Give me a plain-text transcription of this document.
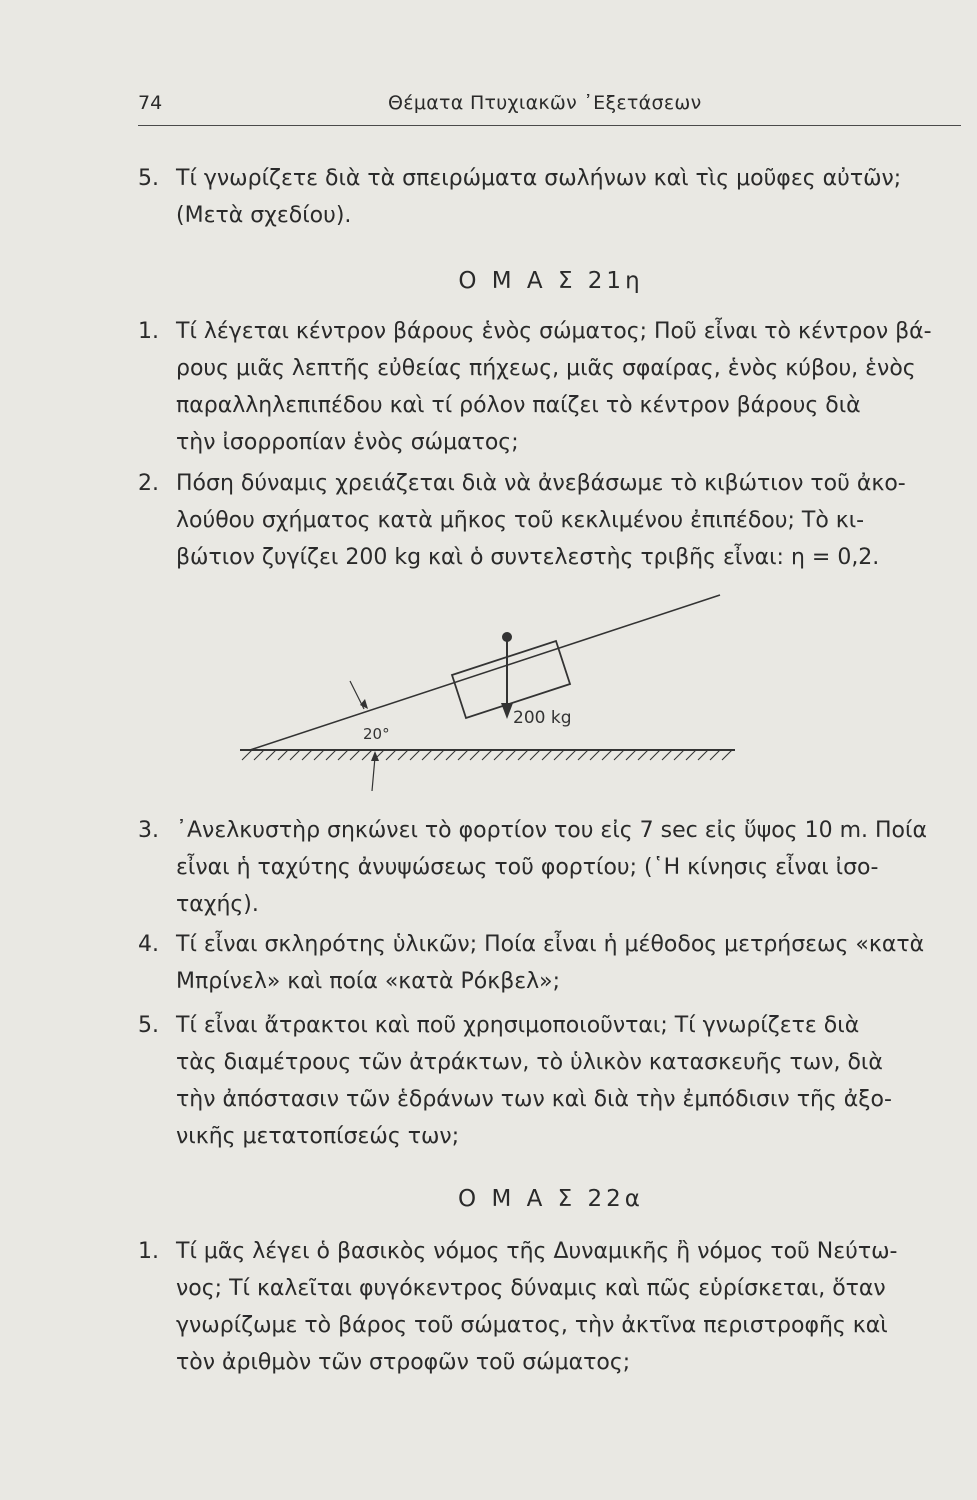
74	Θέματα Πτυχιακῶν ᾿Εξετάσεων
5. Τί γνωρίζετε διὰ τὰ σπειρώματα σωλήνων καὶ τὶς μοῦφες αὐτῶν;
(Μετὰ σχεδίου).
Ο Μ Α Σ 21η
1. Τί λέγεται κέντρον βάρους ἑνὸς σώματος; Ποῦ εἶναι τὸ κέντρον βά-
ρους μιᾶς λεπτῆς εὐθείας πήχεως, μιᾶς σφαίρας, ἑνὸς κύβου, ἑνὸς
παραλληλεπιπέδου καὶ τί ρόλον παίζει τὸ κέντρον βάρους διὰ
τὴν ἰσορροπίαν ἑνὸς σώματος;
2. Πόση δύναμις χρειάζεται διὰ νὰ ἀνεβάσωμε τὸ κιβώτιον τοῦ ἀκο-
λούθου σχήματος κατὰ μῆκος τοῦ κεκλιμένου ἐπιπέδου; Τὸ κι-
βώτιον ζυγίζει 200 kg καὶ ὁ συντελεστὴς τριβῆς εἶναι: η = 0,2.
200 kg
20°
3. ᾿Ανελκυστὴρ σηκώνει τὸ φορτίον του εἰς 7 sec εἰς ὕψος 10 m. Ποία
εἶναι ἡ ταχύτης ἀνυψώσεως τοῦ φορτίου; (῾Η κίνησις εἶναι ἰσο-
ταχής).
4. Τί εἶναι σκληρότης ὑλικῶν; Ποία εἶναι ἡ μέθοδος μετρήσεως «κατὰ
Μπρίνελ» καὶ ποία «κατὰ Ρόκβελ»;
5. Τί εἶναι ἄτρακτοι καὶ ποῦ χρησιμοποιοῦνται; Τί γνωρίζετε διὰ
τὰς διαμέτρους τῶν ἀτράκτων, τὸ ὑλικὸν κατασκευῆς των, διὰ
τὴν ἀπόστασιν τῶν ἑδράνων των καὶ διὰ τὴν ἐμπόδισιν τῆς ἀξο-
νικῆς μετατοπίσεώς των;
Ο Μ Α Σ 22α
1. Τί μᾶς λέγει ὁ βασικὸς νόμος τῆς Δυναμικῆς ἢ νόμος τοῦ Νεύτω-
νος; Τί καλεῖται φυγόκεντρος δύναμις καὶ πῶς εὑρίσκεται, ὅταν
γνωρίζωμε τὸ βάρος τοῦ σώματος, τὴν ἀκτῖνα περιστροφῆς καὶ
τὸν ἀριθμὸν τῶν στροφῶν τοῦ σώματος;
